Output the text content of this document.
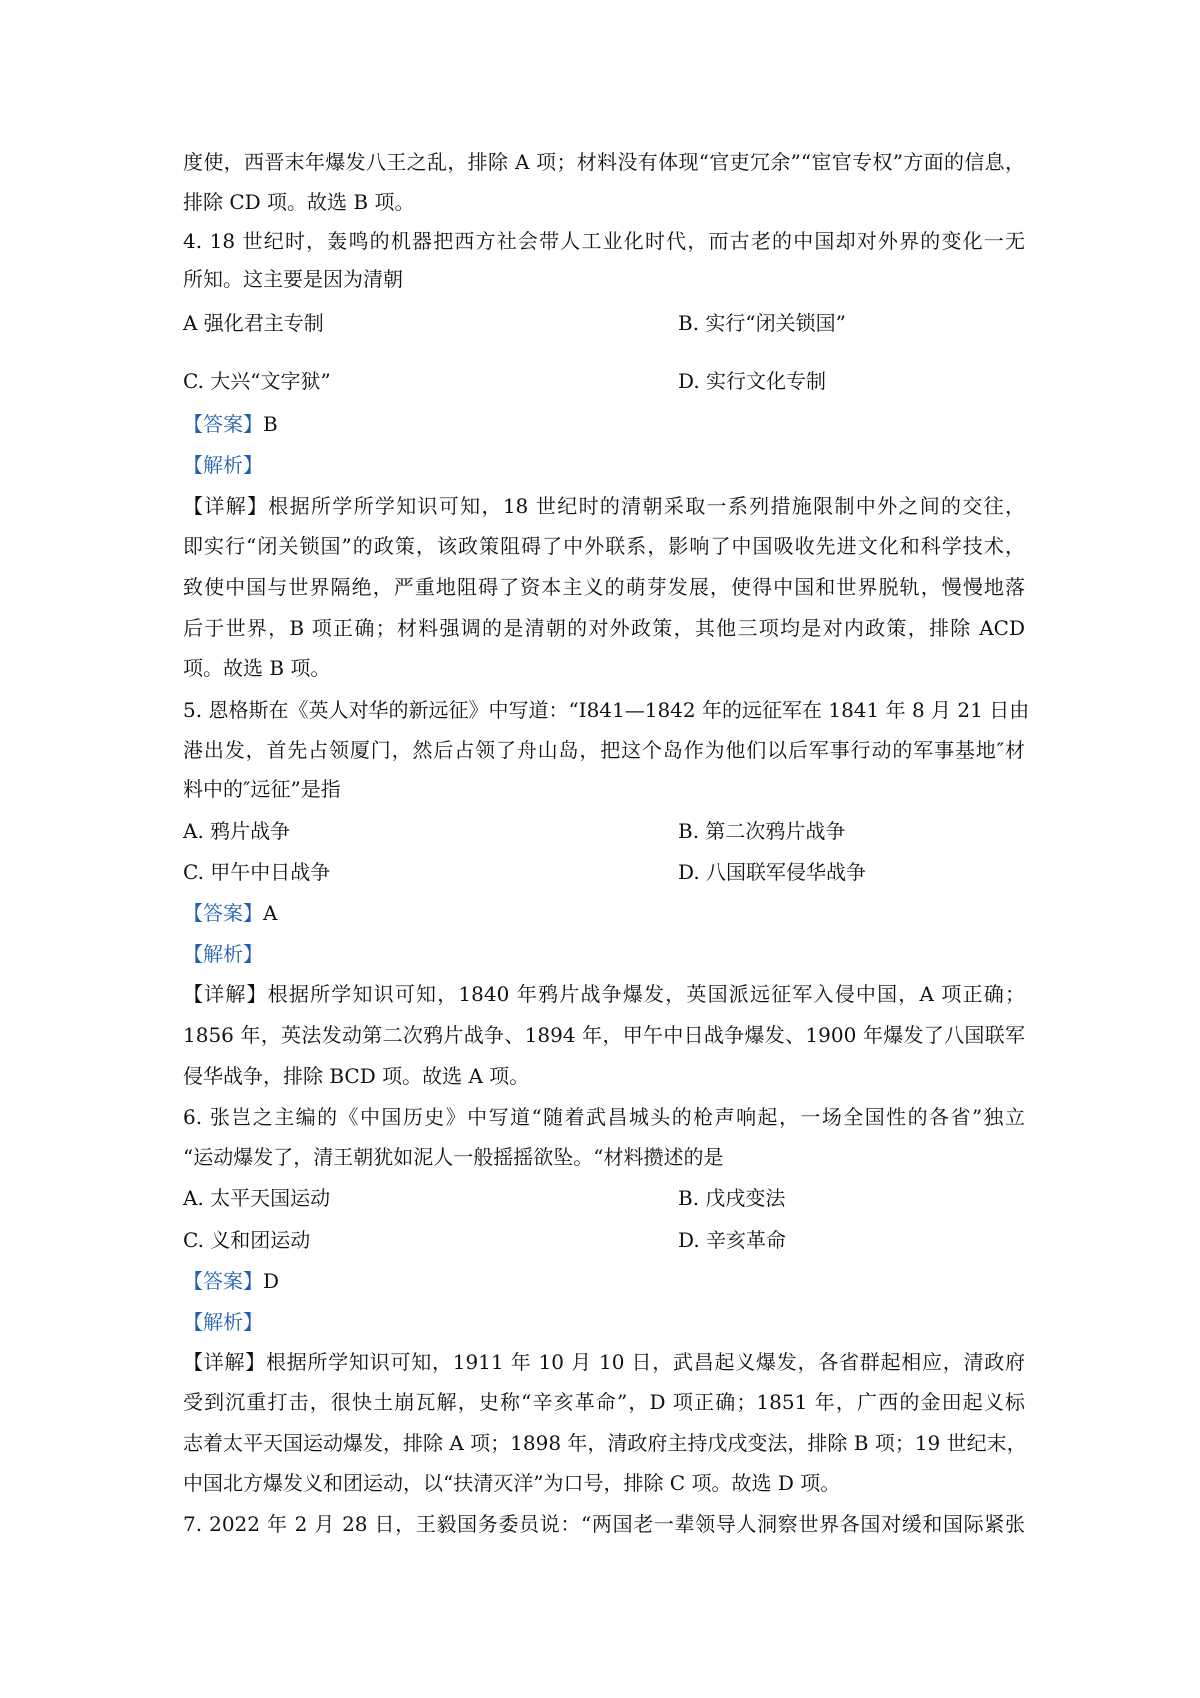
度使，西晋末年爆发八王之乱，排除 A 项；材料没有体现“官吏冗余”“宦官专权”方面的信息，
排除 CD 项。故选 B 项。
4. 18 世纪时，轰鸣的机器把西方社会带人工业化时代，而古老的中国却对外界的变化一无
所知。这主要是因为清朝
A 强化君主专制	B. 实行“闭关锁国”
C. 大兴“文字狱”	D. 实行文化专制
【答案】B
【解析】
【详解】根据所学所学知识可知，18 世纪时的清朝采取一系列措施限制中外之间的交往，
即实行“闭关锁国”的政策，该政策阻碍了中外联系，影响了中国吸收先进文化和科学技术，
致使中国与世界隔绝，严重地阻碍了资本主义的萌芽发展，使得中国和世界脱轨，慢慢地落
后于世界，B 项正确；材料强调的是清朝的对外政策，其他三项均是对内政策，排除 ACD
项。故选 B 项。
5. 恩格斯在《英人对华的新远征》中写道：“I841—1842 年的远征军在 1841 年 8 月 21 日由
港出发，首先占领厦门，然后占领了舟山岛，把这个岛作为他们以后军事行动的军事基地″材
料中的″远征”是指
A. 鸦片战争	B. 第二次鸦片战争
C. 甲午中日战争	D. 八国联军侵华战争
【答案】A
【解析】
【详解】根据所学知识可知，1840 年鸦片战争爆发，英国派远征军入侵中国，A 项正确；
1856 年，英法发动第二次鸦片战争、1894 年，甲午中日战争爆发、1900 年爆发了八国联军
侵华战争，排除 BCD 项。故选 A 项。
6. 张岂之主编的《中国历史》中写道“随着武昌城头的枪声响起，一场全国性的各省”独立
“运动爆发了，清王朝犹如泥人一般摇摇欲坠。“材料攒述的是
A. 太平天国运动	B. 戊戌变法
C. 义和团运动	D. 辛亥革命
【答案】D
【解析】
【详解】根据所学知识可知，1911 年 10 月 10 日，武昌起义爆发，各省群起相应，清政府
受到沉重打击，很快土崩瓦解，史称“辛亥革命”，D 项正确；1851 年，广西的金田起义标
志着太平天国运动爆发，排除 A 项；1898 年，清政府主持戊戌变法，排除 B 项；19 世纪末，
中国北方爆发义和团运动，以“扶清灭洋”为口号，排除 C 项。故选 D 项。
7. 2022 年 2 月 28 日，王毅国务委员说：“两国老一辈领导人洞察世界各国对缓和国际紧张
